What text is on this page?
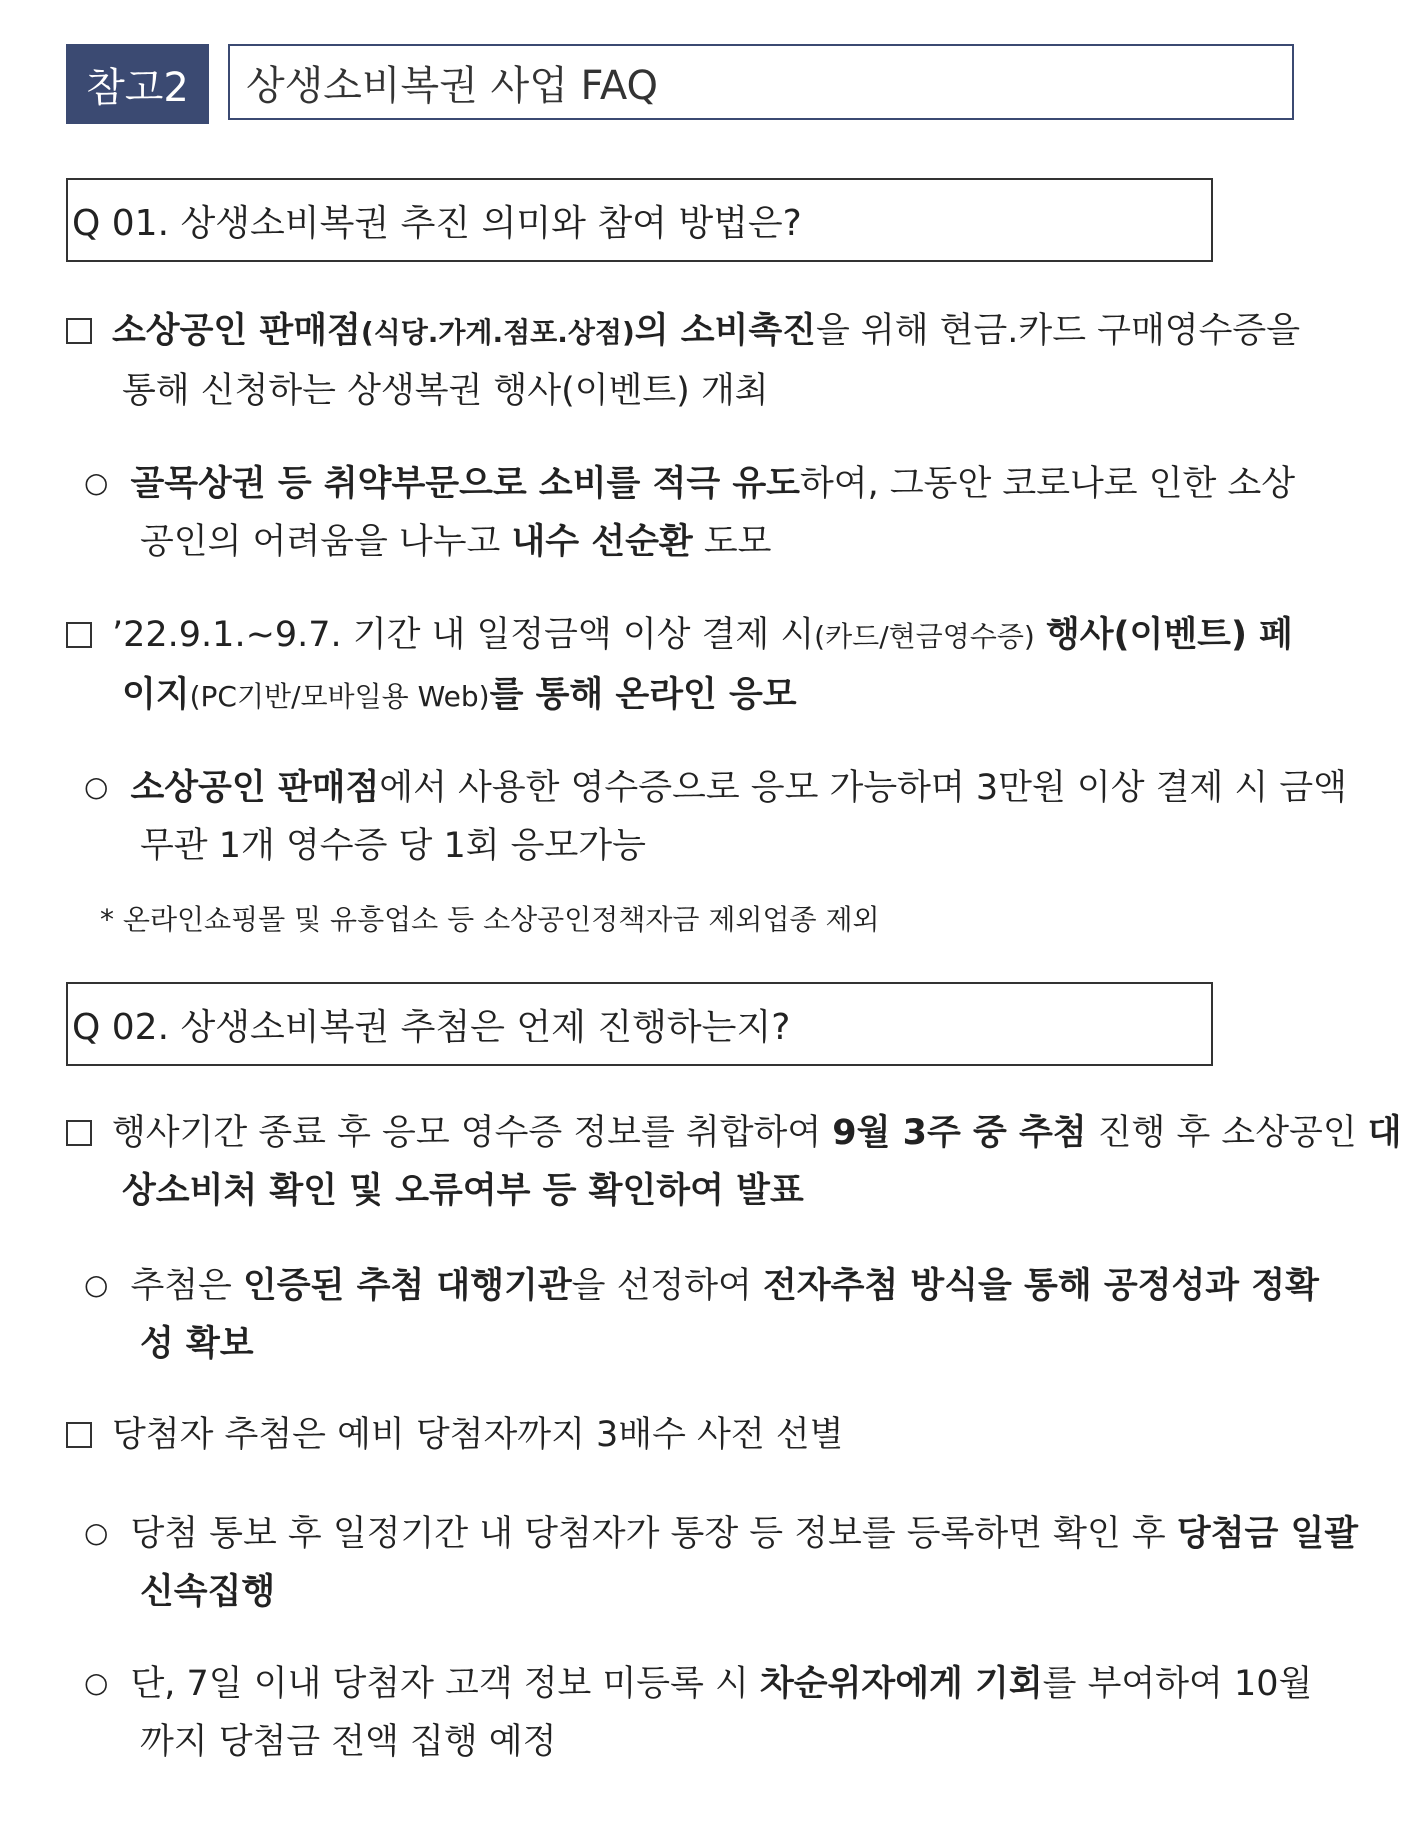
참고2	상생소비복권 사업 FAQ
Q 01. 상생소비복권 추진 의미와 참여 방법은?
소상공인 판매점(식당.가게.점포.상점)의 소비촉진을 위해 현금.카드 구매영수증을
통해 신청하는 상생복권 행사(이벤트) 개최
○ 골목상권 등 취약부문으로 소비를 적극 유도하여, 그동안 코로나로 인한 소상
공인의 어려움을 나누고 내수 선순환 도모
’22.9.1.~9.7. 기간 내 일정금액 이상 결제 시(카드/현금영수증) 행사(이벤트) 페
이지(PC기반/모바일용 Web)를 통해 온라인 응모
○ 소상공인 판매점에서 사용한 영수증으로 응모 가능하며 3만원 이상 결제 시 금액
무관 1개 영수증 당 1회 응모가능
* 온라인쇼핑몰 및 유흥업소 등 소상공인정책자금 제외업종 제외
Q 02. 상생소비복권 추첨은 언제 진행하는지?
행사기간 종료 후 응모 영수증 정보를 취합하여 9월 3주 중 추첨 진행 후 소상공인 대
상소비처 확인 및 오류여부 등 확인하여 발표
○ 추첨은 인증된 추첨 대행기관을 선정하여 전자추첨 방식을 통해 공정성과 정확
성 확보
당첨자 추첨은 예비 당첨자까지 3배수 사전 선별
○ 당첨 통보 후 일정기간 내 당첨자가 통장 등 정보를 등록하면 확인 후 당첨금 일괄
신속집행
○ 단, 7일 이내 당첨자 고객 정보 미등록 시 차순위자에게 기회를 부여하여 10월
까지 당첨금 전액 집행 예정
